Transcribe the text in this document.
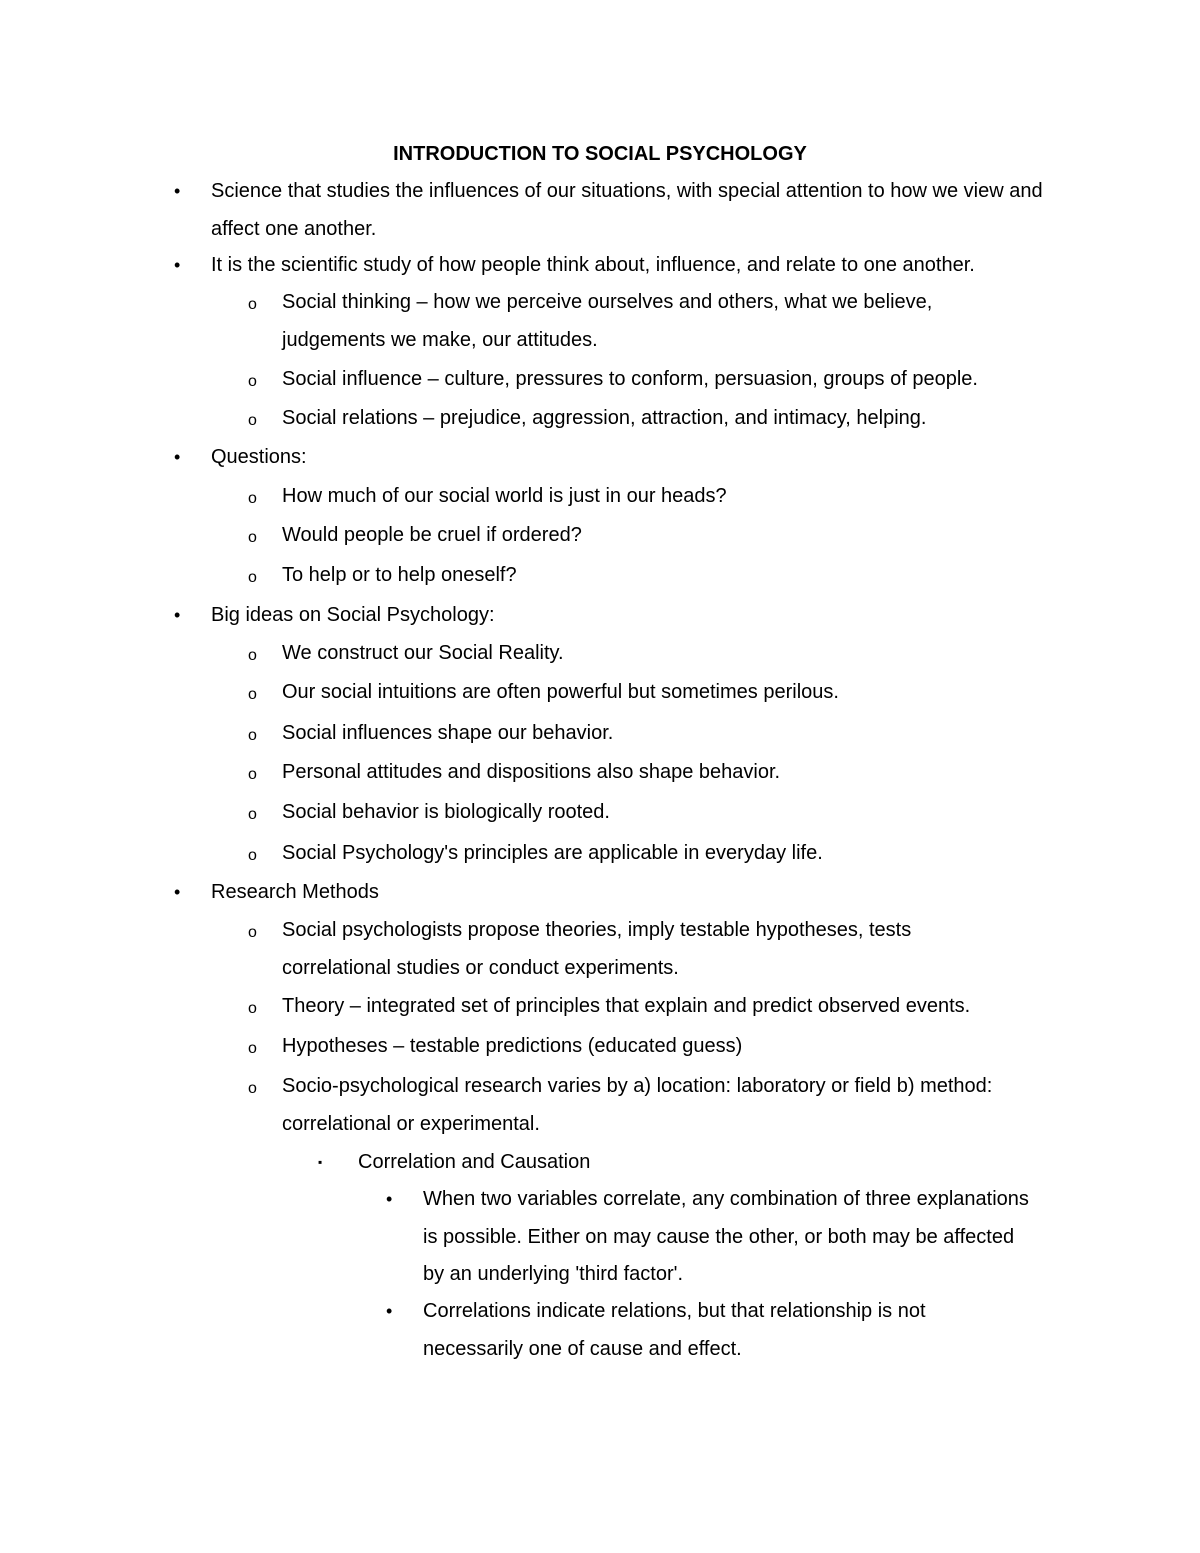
INTRODUCTION TO SOCIAL PSYCHOLOGY
• Science that studies the influences of our situations, with special attention to how we view and affect one another.
• It is the scientific study of how people think about, influence, and relate to one another.
o Social thinking – how we perceive ourselves and others, what we believe, judgements we make, our attitudes.
o Social influence – culture, pressures to conform, persuasion, groups of people.
o Social relations – prejudice, aggression, attraction, and intimacy, helping.
• Questions:
o How much of our social world is just in our heads?
o Would people be cruel if ordered?
o To help or to help oneself?
• Big ideas on Social Psychology:
o We construct our Social Reality.
o Our social intuitions are often powerful but sometimes perilous.
o Social influences shape our behavior.
o Personal attitudes and dispositions also shape behavior.
o Social behavior is biologically rooted.
o Social Psychology's principles are applicable in everyday life.
• Research Methods
o Social psychologists propose theories, imply testable hypotheses, tests correlational studies or conduct experiments.
o Theory – integrated set of principles that explain and predict observed events.
o Hypotheses – testable predictions (educated guess)
o Socio-psychological research varies by a) location: laboratory or field b) method: correlational or experimental.
▪ Correlation and Causation
• When two variables correlate, any combination of three explanations is possible. Either on may cause the other, or both may be affected by an underlying 'third factor'.
• Correlations indicate relations, but that relationship is not necessarily one of cause and effect.
